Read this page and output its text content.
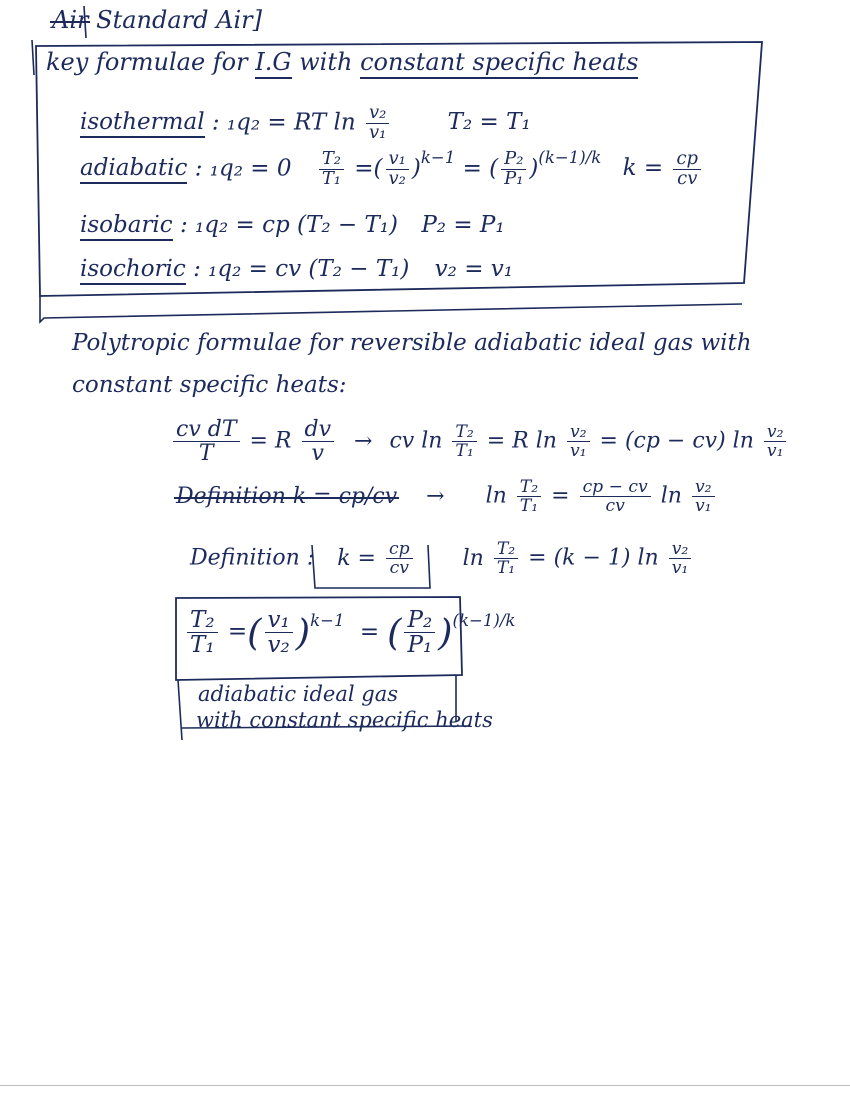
Air Standard Air]
key formulae for I.G with constant specific heats
isothermal : ₁q₂ = RT $\ln \frac{\text{v₂}}{\text{v₁}}$	T₂ = T₁
adiabatic : $_1q_2 = 0 \frac{\text{T₂}}{\text{T₁}}$ =( $\frac{\text{v₁}}{\text{v₂}} )^{k-1}$ = ( $\frac{\text{P₂}}{\text{P₁}} )^{(k-1)/k}$ $k = \frac{cp}{cv}$
isobaric : ₁q₂ = cp (T₂ − T₁) P₂ = P₁
isochoric : ₁q₂ = cv (T₂ − T₁) v₂ = v₁
Polytropic formulae for reversible adiabatic ideal gas with
constant specific heats:
$\frac{\text{cv dT}}{T} = R \frac{dv}{v}$ → cv $\ln \frac{\text{T₂}}{\text{T₁}} = R$ $\ln \frac{\text{v₂}}{\text{v₁}} = (cp - cv)$ $\ln \frac{\text{v₂}}{\text{v₁}}$
Definition $k = cp/cv \to \ln \frac{\text{T₂}}{\text{T₁}} = \frac{cp - cv}{cv}$ $\ln \frac{\text{v₂}}{\text{v₁}}$
Definition : $k = \frac{cp}{cv}$ $\ln \frac{\text{T₂}}{\text{T₁}} = (k - 1)$ $\ln \frac{\text{v₂}}{\text{v₁}}$
$\frac{\text{T₂}}{\text{T₁}}$ =( $\frac{\text{v₁}}{\text{v₂}} )^{k-1}$ = ( $\frac{\text{P₂}}{\text{P₁}} )^{(k-1)/k}$
adiabatic ideal gas
with constant specific heats
